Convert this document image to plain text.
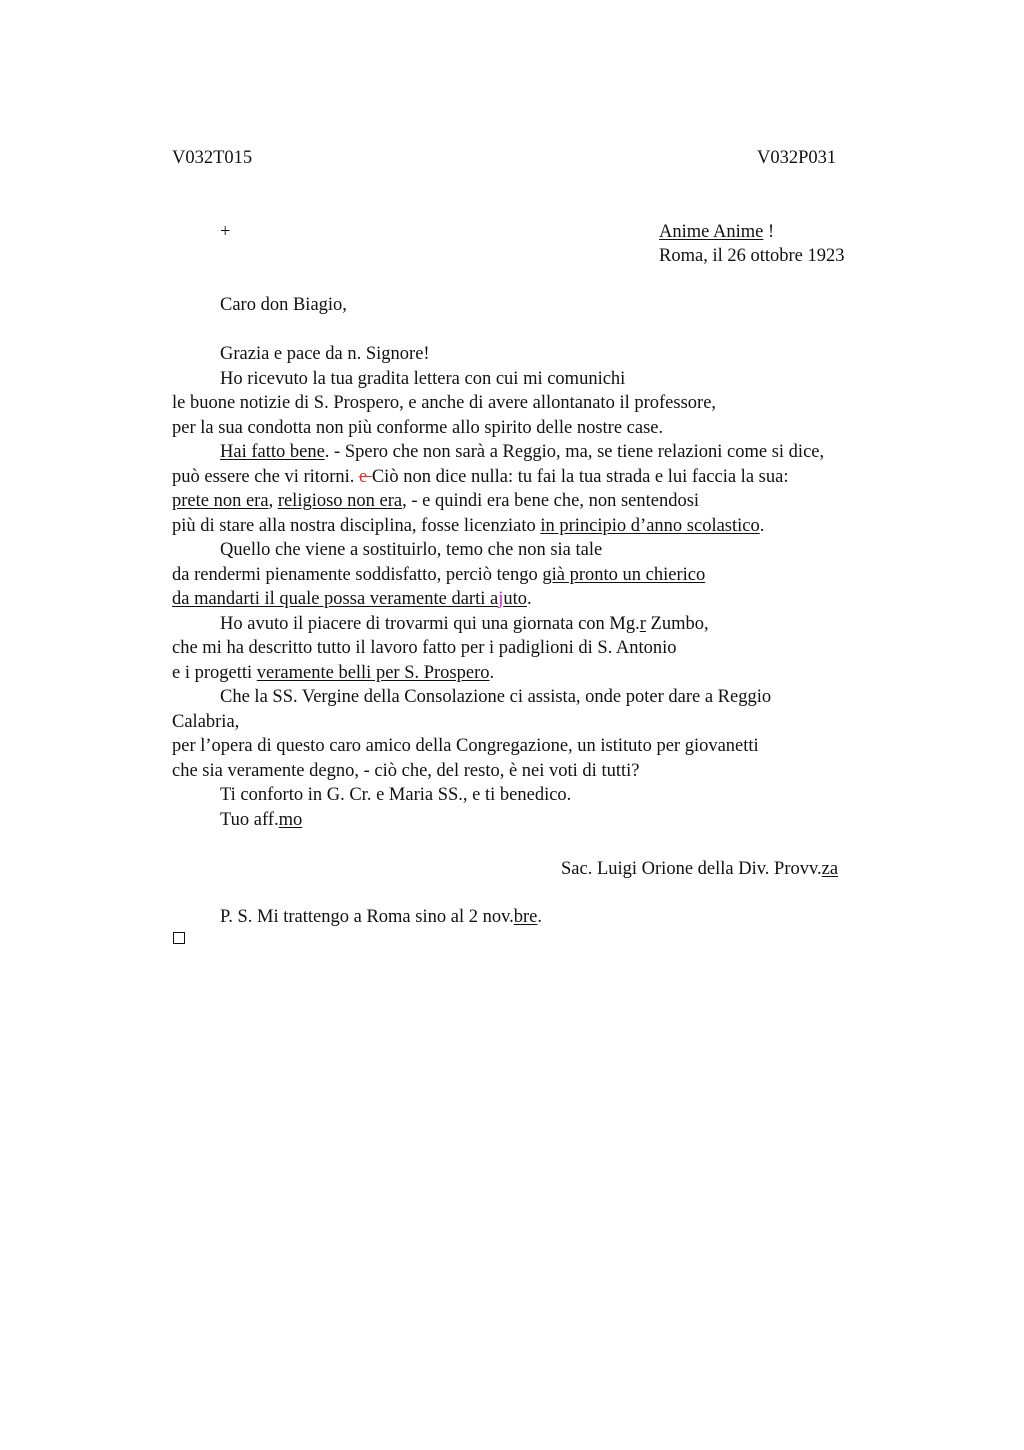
V032T015	V032P031
+	Anime Anime !
Roma, il 26 ottobre 1923
Caro don Biagio,
Grazia e pace da n. Signore!
Ho ricevuto la tua gradita lettera con cui mi comunichi
le buone notizie di S. Prospero, e anche di avere allontanato il professore,
per la sua condotta non più conforme allo spirito delle nostre case.
Hai fatto bene. - Spero che non sarà a Reggio, ma, se tiene relazioni come si dice,
può essere che vi ritorni. e Ciò non dice nulla: tu fai la tua strada e lui faccia la sua:
prete non era, religioso non era, - e quindi era bene che, non sentendosi
più di stare alla nostra disciplina, fosse licenziato in principio d’anno scolastico.
Quello che viene a sostituirlo, temo che non sia tale
da rendermi pienamente soddisfatto, perciò tengo già pronto un chierico
da mandarti il quale possa veramente darti ajuto.
Ho avuto il piacere di trovarmi qui una giornata con Mg.r Zumbo,
che mi ha descritto tutto il lavoro fatto per i padiglioni di S. Antonio
e i progetti veramente belli per S. Prospero.
Che la SS. Vergine della Consolazione ci assista, onde poter dare a Reggio
Calabria,
per l’opera di questo caro amico della Congregazione, un istituto per giovanetti
che sia veramente degno, - ciò che, del resto, è nei voti di tutti?
Ti conforto in G. Cr. e Maria SS., e ti benedico.
Tuo aff.mo
Sac. Luigi Orione della Div. Provv.za
P. S. Mi trattengo a Roma sino al 2 nov.bre.
